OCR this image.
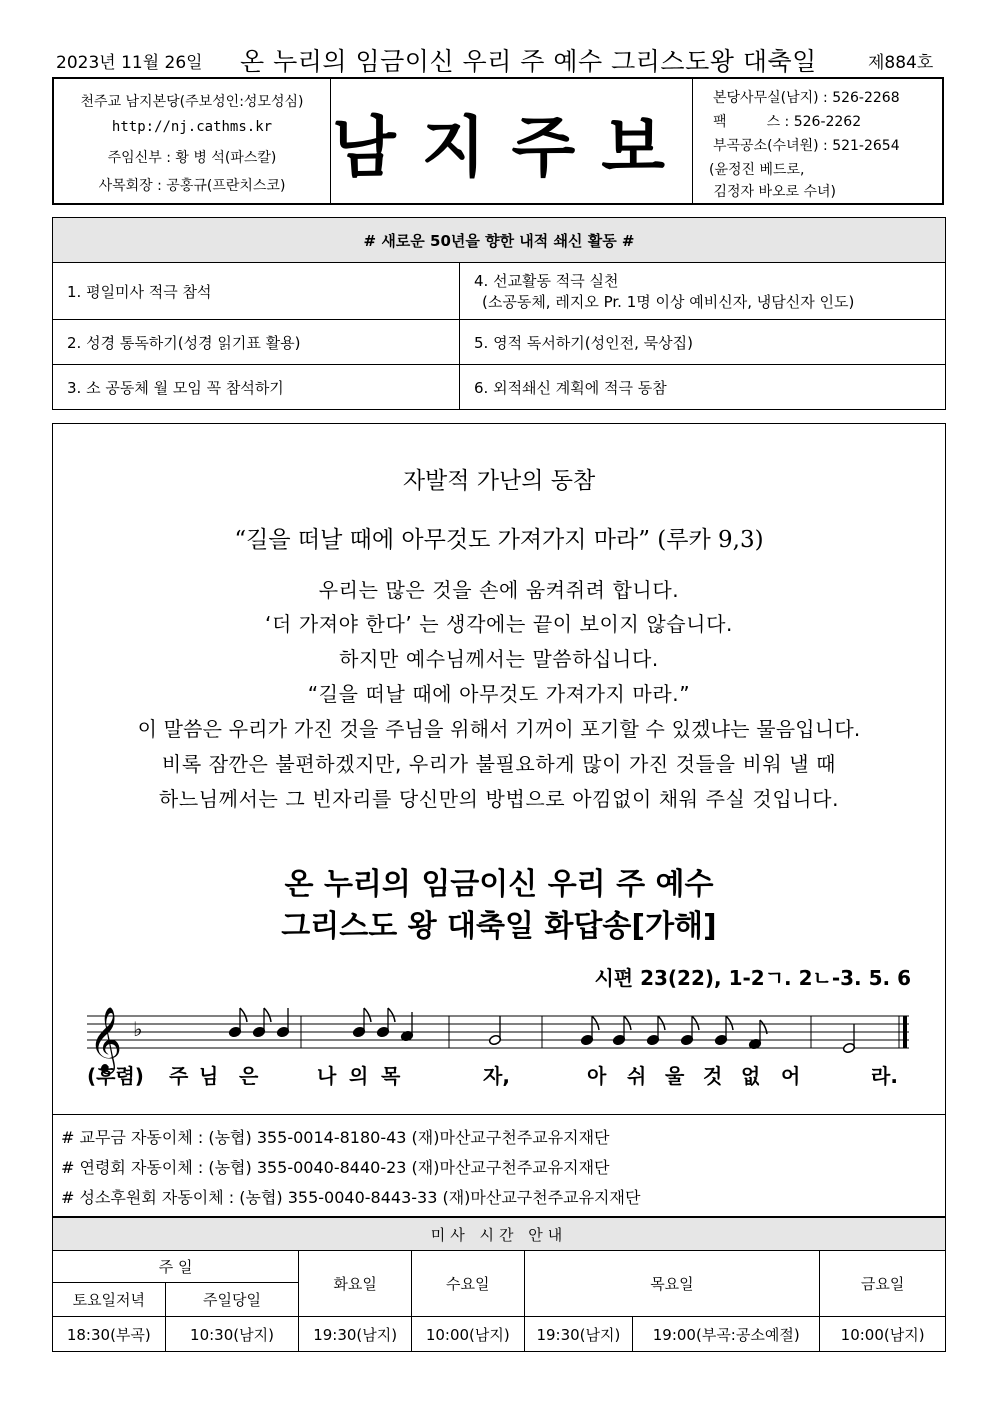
2023년 11월 26일 온 누리의 임금이신 우리 주 예수 그리스도왕 대축일	제884호
천주교 남지본당(주보성인:성모성심)
http://nj.cathms.kr
주임신부 : 황 병 석(파스칼)
사목회장 : 공홍규(프란치스코)
남지주보
본당사무실(남지) : 526-2268
팩         스 : 526-2262
부곡공소(수녀원) : 521-2654
(윤정진 베드로,
김정자 바오로 수녀)
# 새로운 50년을 향한 내적 쇄신 활동 #	
1. 평일미사 적극 참석	4. 선교활동 적극 실천
(소공동체, 레지오 Pr. 1명 이상 예비신자, 냉담신자 인도)

2. 성경 통독하기(성경 읽기표 활용)	5. 영적 독서하기(성인전, 묵상집)
3. 소 공동체 월 모임 꼭 참석하기	6. 외적쇄신 계획에 적극 동참
자발적 가난의 동참
“길을 떠날 때에 아무것도 가져가지 마라” (루카 9,3)
우리는 많은 것을 손에 움켜쥐려 합니다.
‘더 가져야 한다’ 는 생각에는 끝이 보이지 않습니다.
하지만 예수님께서는 말씀하십니다.
“길을 떠날 때에 아무것도 가져가지 마라.”
이 말씀은 우리가 가진 것을 주님을 위해서 기꺼이 포기할 수 있겠냐는 물음입니다.
비록 잠깐은 불편하겠지만, 우리가 불필요하게 많이 가진 것들을 비워 낼 때
하느님께서는 그 빈자리를 당신만의 방법으로 아낌없이 채워 주실 것입니다.
온 누리의 임금이신 우리 주 예수
그리스도 왕 대축일 화답송[가해]
시편 23(22), 1-2ㄱ. 2ㄴ-3. 5. 6
𝄞 ♭
(후렴) 주 님 은	나 의 목	자,	아 쉬 울 것 없 어	라.
# 교무금 자동이체 : (농협) 355-0014-8180-43 (재)마산교구천주교유지재단
# 연령회 자동이체 : (농협) 355-0040-8440-23 (재)마산교구천주교유지재단
# 성소후원회 자동이체 : (농협) 355-0040-8443-33 (재)마산교구천주교유지재단
미사 시간 안내						
주 일		화요일	수요일	목요일		금요일
토요일저녁	주일당일					
18:30(부곡)	10:30(남지)	19:30(남지)	10:00(남지)	19:30(남지)	19:00(부곡:공소예절)	10:00(남지)
